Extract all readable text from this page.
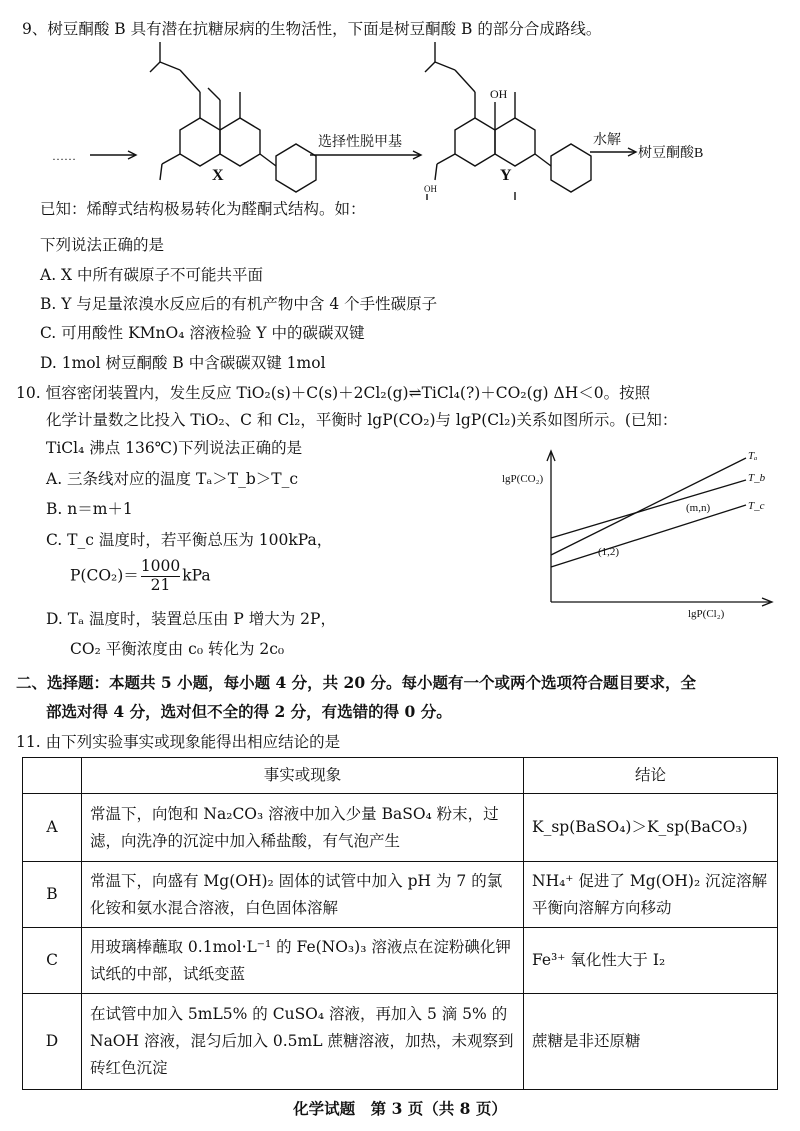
9、树豆酮酸 B 具有潜在抗糖尿病的生物活性，下面是树豆酮酸 B 的部分合成路线。
……
选择性脱甲基
OH
水解
树豆酮酸B
X	Y
OH
已知：烯醇式结构极易转化为醛酮式结构。如：
下列说法正确的是
A. X 中所有碳原子不可能共平面
B. Y 与足量浓溴水反应后的有机产物中含 4 个手性碳原子
C. 可用酸性 KMnO₄ 溶液检验 Y 中的碳碳双键
D. 1mol 树豆酮酸 B 中含碳碳双键 1mol
10. 恒容密闭装置内，发生反应 TiO₂(s)＋C(s)＋2Cl₂(g)⇌TiCl₄(?)＋CO₂(g) ΔH＜0。按照
化学计量数之比投入 TiO₂、C 和 Cl₂，平衡时 lgP(CO₂)与 lgP(Cl₂)关系如图所示。(已知：
TiCl₄ 沸点 136℃)下列说法正确的是
A. 三条线对应的温度 Tₐ＞T_b＞T_c
B. n＝m＋1
C. T_c 温度时，若平衡总压为 100kPa，
$P(CO_2)= \frac{1000}{21}$ kPa
D. Tₐ 温度时，装置总压由 P 增大为 2P，
CO₂ 平衡浓度由 c₀ 转化为 2c₀
lgP(CO₂)
lgP(Cl₂)
Tₐ
T_b
T_c
(1,2)
(m,n)
二、选择题：本题共 5 小题，每小题 4 分，共 20 分。每小题有一个或两个选项符合题目要求，全
部选对得 4 分，选对但不全的得 2 分，有选错的得 0 分。
11. 由下列实验事实或现象能得出相应结论的是
	事实或现象	结论
A	常温下，向饱和 Na₂CO₃ 溶液中加入少量 BaSO₄ 粉末，过滤，向洗净的沉淀中加入稀盐酸，有气泡产生	K_sp(BaSO₄)＞K_sp(BaCO₃)
B	常温下，向盛有 Mg(OH)₂ 固体的试管中加入 pH 为 7 的氯化铵和氨水混合溶液，白色固体溶解	NH₄⁺ 促进了 Mg(OH)₂ 沉淀溶解平衡向溶解方向移动
C	用玻璃棒蘸取 0.1mol·L⁻¹ 的 Fe(NO₃)₃ 溶液点在淀粉碘化钾试纸的中部，试纸变蓝	Fe³⁺ 氧化性大于 I₂
D	在试管中加入 5mL5% 的 CuSO₄ 溶液，再加入 5 滴 5% 的 NaOH 溶液，混匀后加入 0.5mL 蔗糖溶液，加热，未观察到砖红色沉淀	蔗糖是非还原糖
化学试题　第 3 页（共 8 页）
